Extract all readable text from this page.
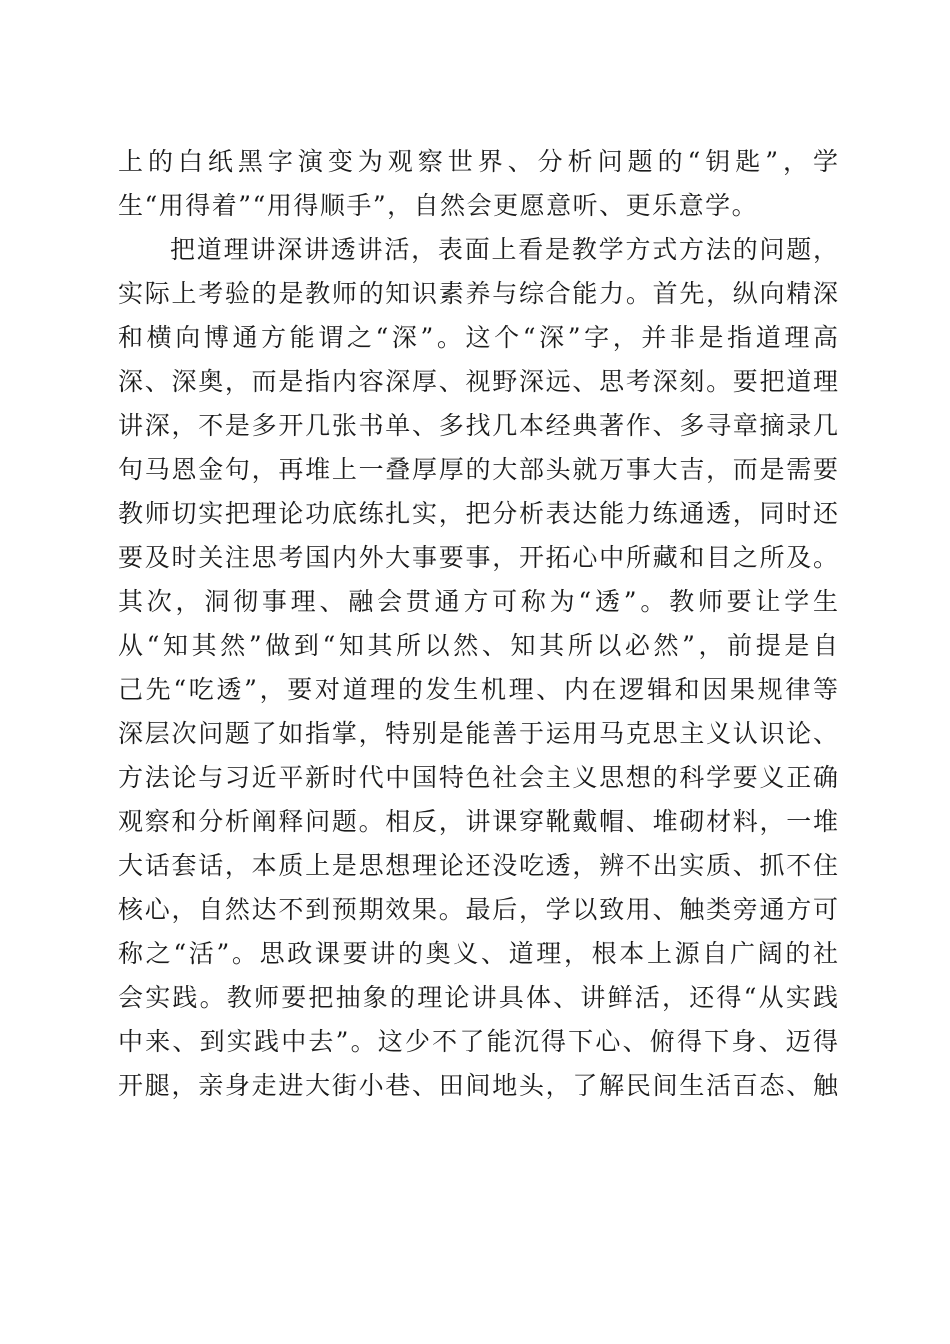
上的白纸黑字演变为观察世界、分析问题的“钥匙”，学
生“用得着”“用得顺手”，自然会更愿意听、更乐意学。
把道理讲深讲透讲活，表面上看是教学方式方法的问题，
实际上考验的是教师的知识素养与综合能力。首先，纵向精深
和横向博通方能谓之“深”。这个“深”字，并非是指道理高
深、深奥，而是指内容深厚、视野深远、思考深刻。要把道理
讲深，不是多开几张书单、多找几本经典著作、多寻章摘录几
句马恩金句，再堆上一叠厚厚的大部头就万事大吉，而是需要
教师切实把理论功底练扎实，把分析表达能力练通透，同时还
要及时关注思考国内外大事要事，开拓心中所藏和目之所及。
其次，洞彻事理、融会贯通方可称为“透”。教师要让学生
从“知其然”做到“知其所以然、知其所以必然”，前提是自
己先“吃透”，要对道理的发生机理、内在逻辑和因果规律等
深层次问题了如指掌，特别是能善于运用马克思主义认识论、
方法论与习近平新时代中国特色社会主义思想的科学要义正确
观察和分析阐释问题。相反，讲课穿靴戴帽、堆砌材料，一堆
大话套话，本质上是思想理论还没吃透，辨不出实质、抓不住
核心，自然达不到预期效果。最后，学以致用、触类旁通方可
称之“活”。思政课要讲的奥义、道理，根本上源自广阔的社
会实践。教师要把抽象的理论讲具体、讲鲜活，还得“从实践
中来、到实践中去”。这少不了能沉得下心、俯得下身、迈得
开腿，亲身走进大街小巷、田间地头，了解民间生活百态、触
